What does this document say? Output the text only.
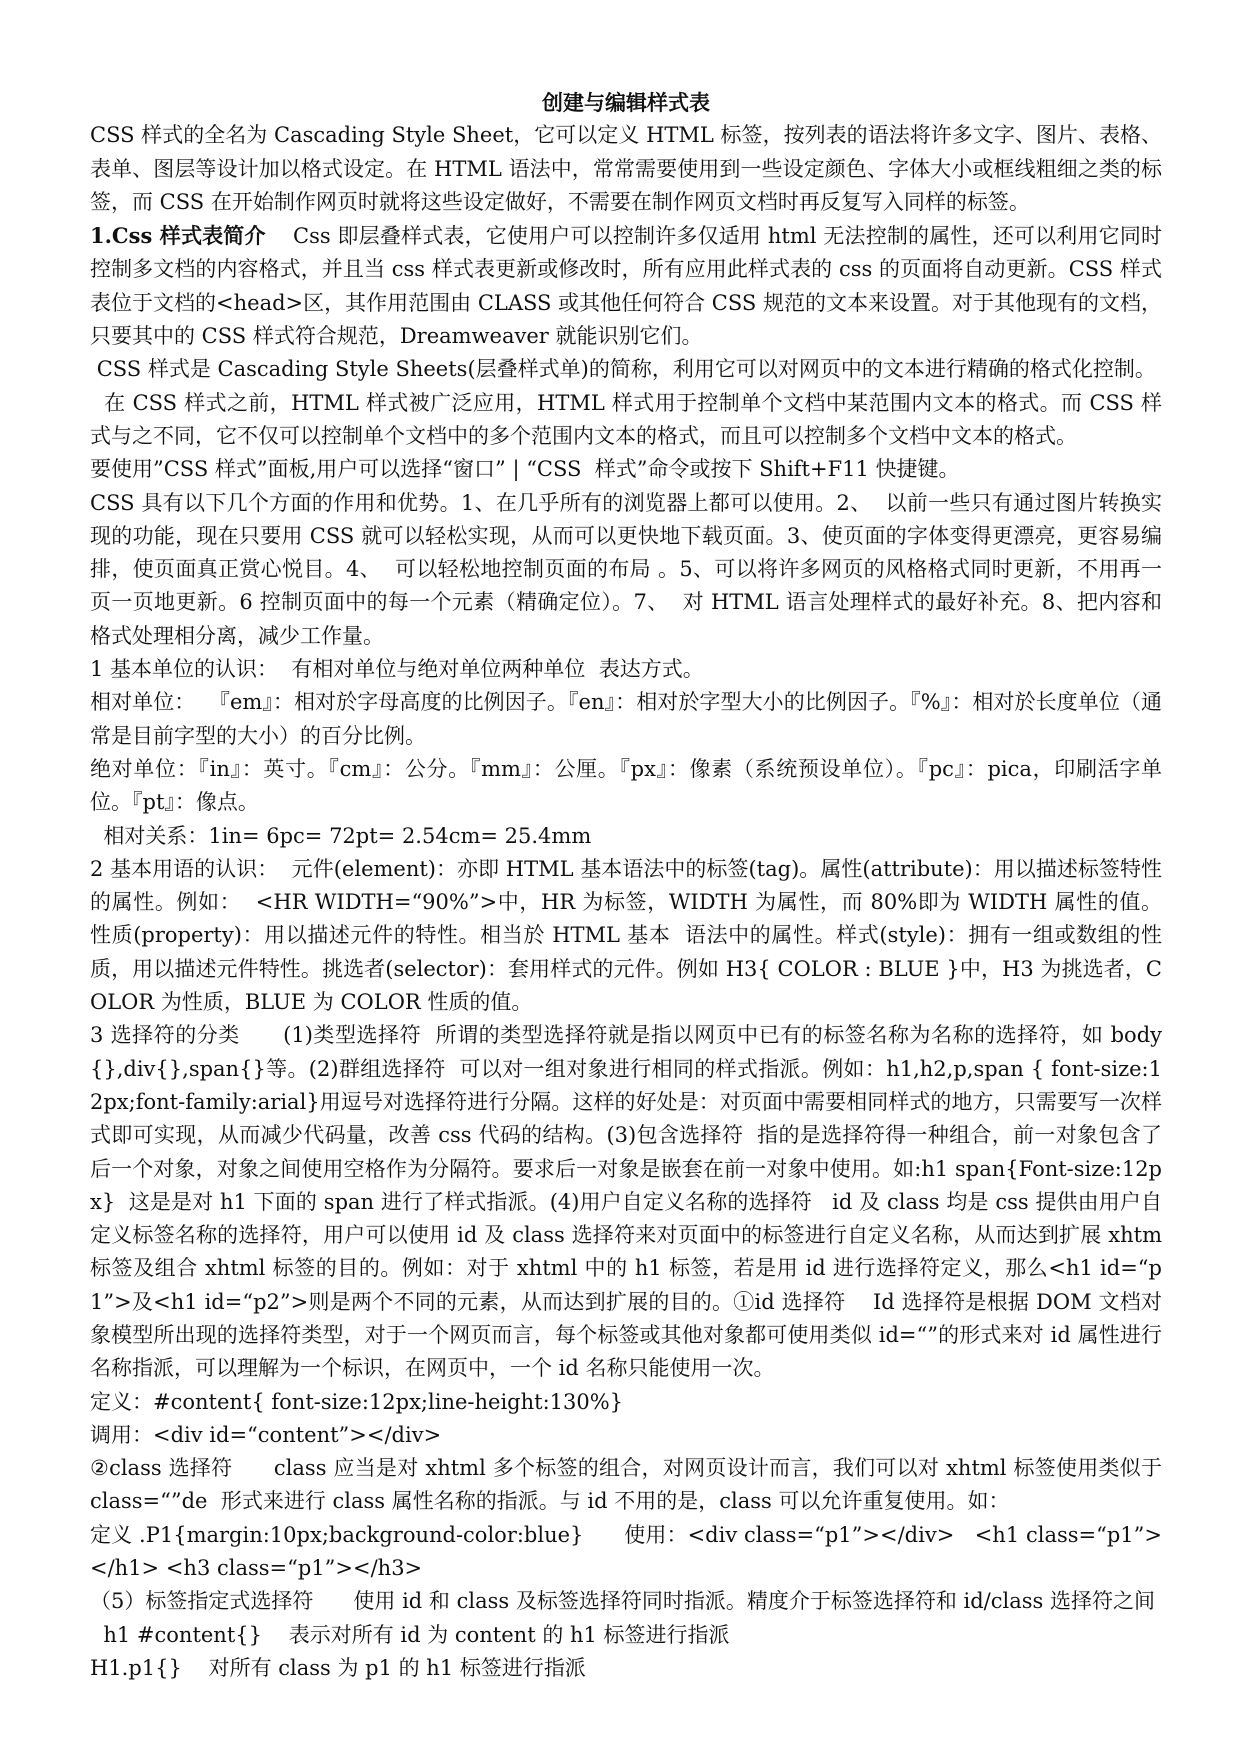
创建与编辑样式表
CSS 样式的全名为 Cascading Style Sheet，它可以定义 HTML 标签，按列表的语法将许多文字、图片、表格、表单、图层等设计加以格式设定。在 HTML 语法中，常常需要使用到一些设定颜色、字体大小或框线粗细之类的标签，而 CSS 在开始制作网页时就将这些设定做好，不需要在制作网页文档时再反复写入同样的标签。
1.Css 样式表简介    Css 即层叠样式表，它使用户可以控制许多仅适用 html 无法控制的属性，还可以利用它同时控制多文档的内容格式，并且当 css 样式表更新或修改时，所有应用此样式表的 css 的页面将自动更新。CSS 样式表位于文档的<head>区，其作用范围由 CLASS 或其他任何符合 CSS 规范的文本来设置。对于其他现有的文档，只要其中的 CSS 样式符合规范，Dreamweaver 就能识别它们。
CSS 样式是 Cascading Style Sheets(层叠样式单)的简称，利用它可以对网页中的文本进行精确的格式化控制。
在 CSS 样式之前，HTML 样式被广泛应用，HTML 样式用于控制单个文档中某范围内文本的格式。而 CSS 样式与之不同，它不仅可以控制单个文档中的多个范围内文本的格式，而且可以控制多个文档中文本的格式。
要使用”CSS 样式”面板,用户可以选择“窗口” | “CSS  样式”命令或按下 Shift+F11 快捷键。
CSS 具有以下几个方面的作用和优势。1、在几乎所有的浏览器上都可以使用。2、  以前一些只有通过图片转换实现的功能，现在只要用 CSS 就可以轻松实现，从而可以更快地下载页面。3、使页面的字体变得更漂亮，更容易编排，使页面真正赏心悦目。4、  可以轻松地控制页面的布局 。5、可以将许多网页的风格格式同时更新，不用再一页一页地更新。6 控制页面中的每一个元素（精确定位）。7、  对 HTML 语言处理样式的最好补充。8、把内容和格式处理相分离，减少工作量。
1 基本单位的认识：  有相对单位与绝对单位两种单位  表达方式。
相对单位：  『em』：相对於字母高度的比例因子。『en』：相对於字型大小的比例因子。『%』：相对於长度单位（通常是目前字型的大小）的百分比例。
绝对单位：『in』：英寸。『cm』：公分。『mm』：公厘。『px』：像素（系统预设单位）。『pc』：pica，印刷活字单位。『pt』：像点。
相对关系：1in= 6pc= 72pt= 2.54cm= 25.4mm
2 基本用语的认识：  元件(element)：亦即 HTML 基本语法中的标签(tag)。属性(attribute)：用以描述标签特性的属性。例如：  <HR WIDTH=“90%”>中，HR 为标签，WIDTH 为属性，而 80%即为 WIDTH 属性的值。  性质(property)：用以描述元件的特性。相当於 HTML 基本  语法中的属性。样式(style)：拥有一组或数组的性质，用以描述元件特性。挑选者(selector)：套用样式的元件。例如 H3{ COLOR : BLUE }中，H3 为挑选者，COLOR 为性质，BLUE 为 COLOR 性质的值。
3 选择符的分类      (1)类型选择符  所谓的类型选择符就是指以网页中已有的标签名称为名称的选择符，如 body{},div{},span{}等。(2)群组选择符  可以对一组对象进行相同的样式指派。例如：h1,h2,p,span { font-size:12px;font-family:arial}用逗号对选择符进行分隔。这样的好处是：对页面中需要相同样式的地方，只需要写一次样式即可实现，从而减少代码量，改善 css 代码的结构。(3)包含选择符  指的是选择符得一种组合，前一对象包含了后一个对象，对象之间使用空格作为分隔符。要求后一对象是嵌套在前一对象中使用。如:h1 span{Font-size:12px}  这是是对 h1 下面的 span 进行了样式指派。(4)用户自定义名称的选择符   id 及 class 均是 css 提供由用户自定义标签名称的选择符，用户可以使用 id 及 class 选择符来对页面中的标签进行自定义名称，从而达到扩展 xhtm 标签及组合 xhtml 标签的目的。例如：对于 xhtml 中的 h1 标签，若是用 id 进行选择符定义，那么<h1 id=“p1”>及<h1 id=“p2”>则是两个不同的元素，从而达到扩展的目的。①id 选择符    Id 选择符是根据 DOM 文档对象模型所出现的选择符类型，对于一个网页而言，每个标签或其他对象都可使用类似 id=“”的形式来对 id 属性进行名称指派，可以理解为一个标识，在网页中，一个 id 名称只能使用一次。
定义：#content{ font-size:12px;line-height:130%}
调用：<div id=“content”></div>
②class 选择符      class 应当是对 xhtml 多个标签的组合，对网页设计而言，我们可以对 xhtml 标签使用类似于 class=“”de  形式来进行 class 属性名称的指派。与 id 不用的是，class 可以允许重复使用。如：
定义 .P1{margin:10px;background-color:blue}      使用：<div class=“p1”></div>   <h1 class=“p1”></h1> <h3 class=“p1”></h3>
（5）标签指定式选择符      使用 id 和 class 及标签选择符同时指派。精度介于标签选择符和 id/class 选择符之间
h1 #content{}    表示对所有 id 为 content 的 h1 标签进行指派
H1.p1{}    对所有 class 为 p1 的 h1 标签进行指派
